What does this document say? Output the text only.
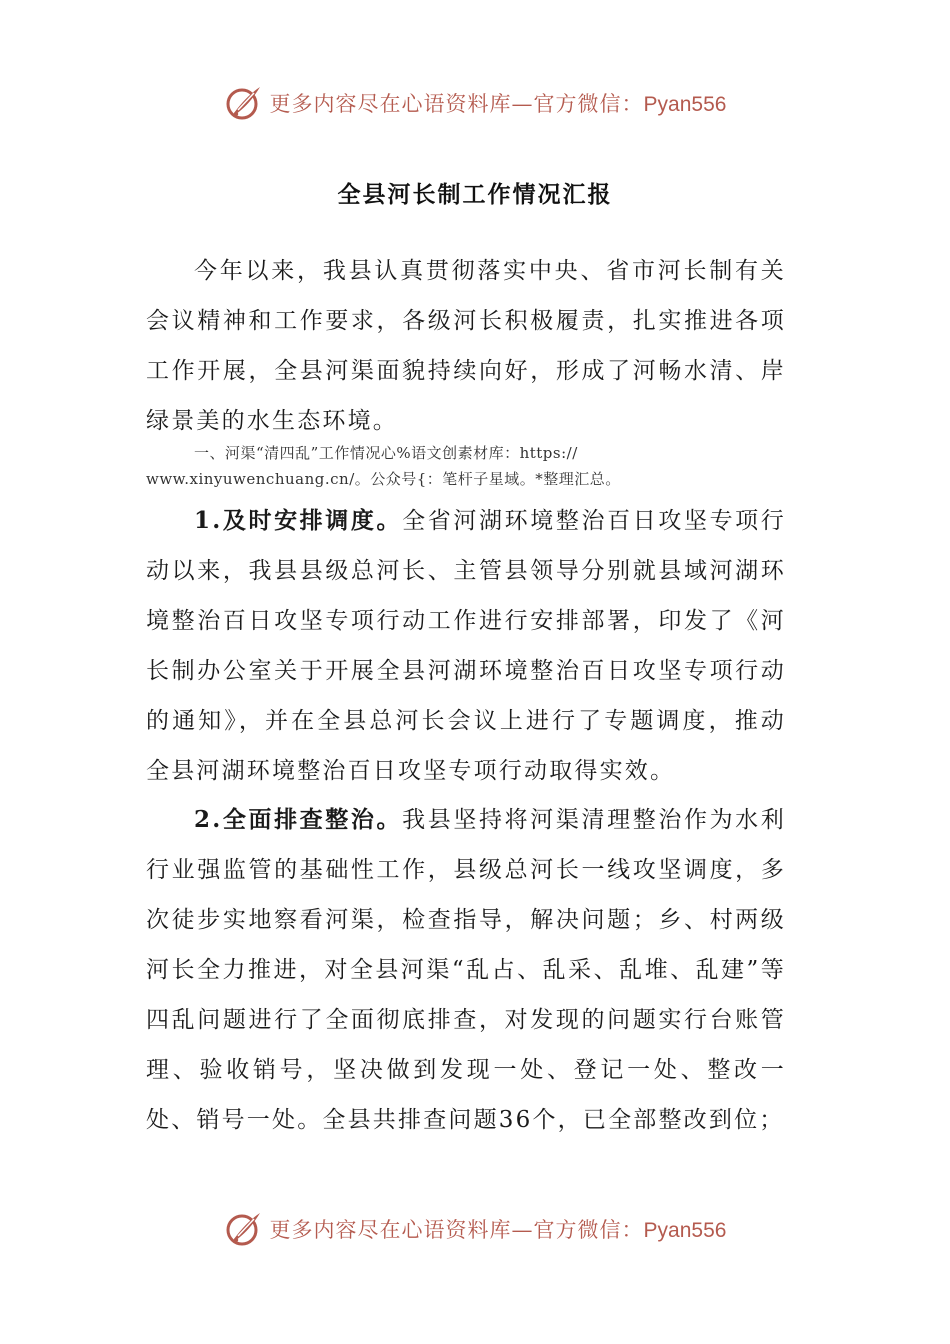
更多内容尽在心语资料库—官方微信：Pyan556
全县河长制工作情况汇报
今年以来，我县认真贯彻落实中央、省市河长制有关会议精神和工作要求，各级河长积极履责，扎实推进各项工作开展，全县河渠面貌持续向好，形成了河畅水清、岸绿景美的水生态环境。
一、河渠“清四乱”工作情况心%语文创素材库：https://
www.xinyuwenchuang.cn/。公众号{：笔杆子星域。*整理汇总。
1.及时安排调度。全省河湖环境整治百日攻坚专项行动以来，我县县级总河长、主管县领导分别就县域河湖环境整治百日攻坚专项行动工作进行安排部署，印发了《河长制办公室关于开展全县河湖环境整治百日攻坚专项行动的通知》，并在全县总河长会议上进行了专题调度，推动全县河湖环境整治百日攻坚专项行动取得实效。
2.全面排查整治。我县坚持将河渠清理整治作为水利行业强监管的基础性工作，县级总河长一线攻坚调度，多次徒步实地察看河渠，检查指导，解决问题；乡、村两级河长全力推进，对全县河渠“乱占、乱采、乱堆、乱建”等四乱问题进行了全面彻底排查，对发现的问题实行台账管理、验收销号，坚决做到发现一处、登记一处、整改一处、销号一处。全县共排查问题36个，已全部整改到位；
更多内容尽在心语资料库—官方微信：Pyan556
